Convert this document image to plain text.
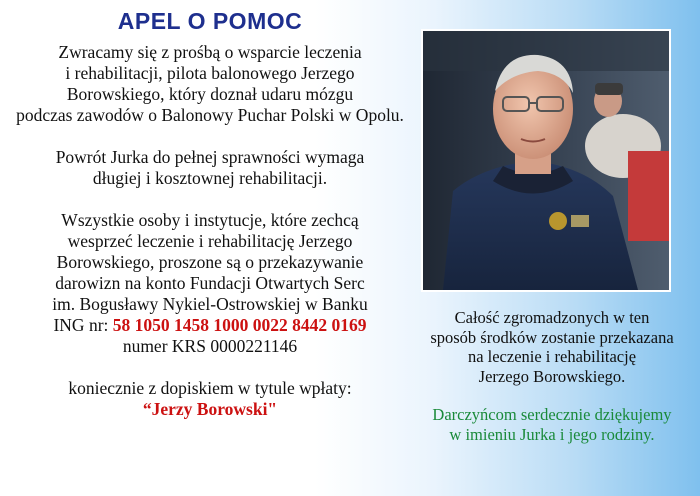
APEL O POMOC

Zwracamy się z prośbą o wsparcie leczenia

i rehabilitacji, pilota balonowego Jerzego

Borowskiego, który doznał udaru mózgu

podczas zawodów o Balonowy Puchar Polski w Opolu.

Powrót Jurka do pełnej sprawności wymaga

długiej i kosztownej rehabilitacji.

Wszystkie osoby i instytucje, które zechcą

wesprzeć leczenie i rehabilitację Jerzego

Borowskiego, proszone są o przekazywanie

darowizn na konto Fundacji Otwartych Serc

im. Bogusławy Nykiel-Ostrowskiej w Banku

ING nr: 58 1050 1458 1000 0022 8442 0169

numer KRS 0000221146

koniecznie z dopiskiem w tytule wpłaty:

“Jerzy Borowski"

Całość zgromadzonych w ten

sposób środków zostanie przekazana

na leczenie i rehabilitację

Jerzego Borowskiego.

Darczyńcom serdecznie dziękujemy

w imieniu Jurka i jego rodziny.
